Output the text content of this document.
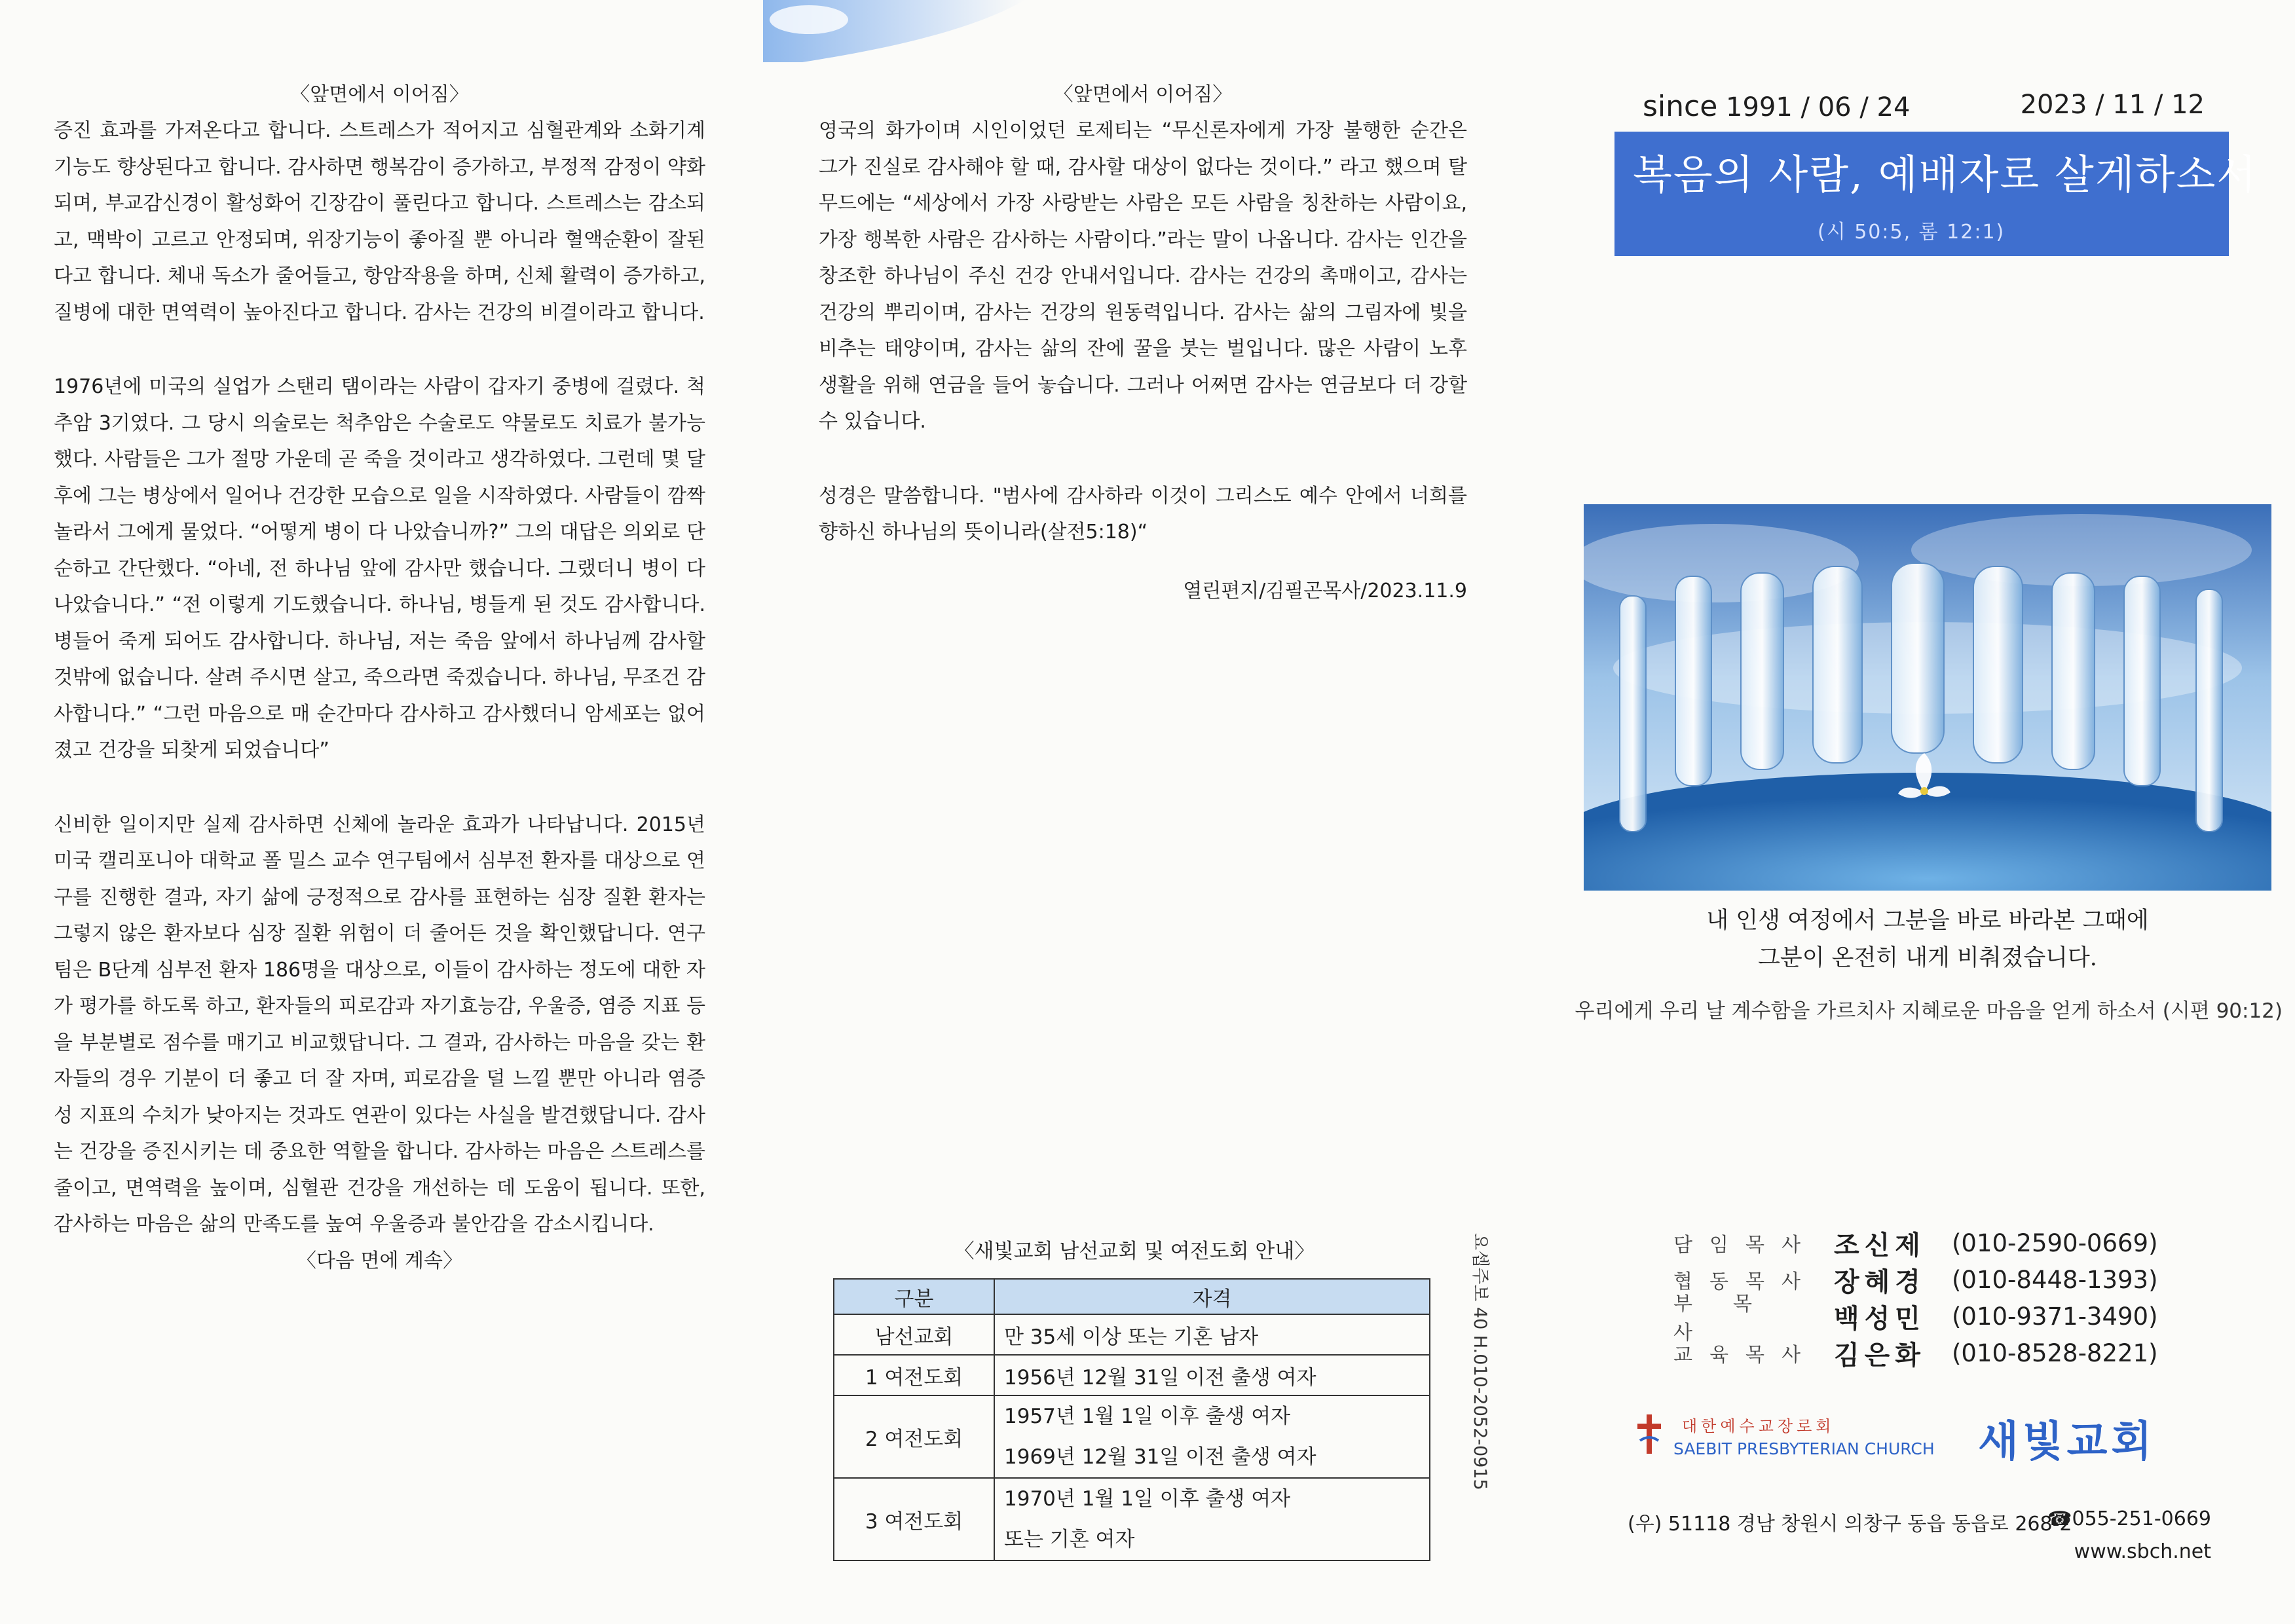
〈앞면에서 이어짐〉

증진 효과를 가져온다고 합니다. 스트레스가 적어지고 심혈관계와 소화기계 기능도 향상된다고 합니다. 감사하면 행복감이 증가하고, 부정적 감정이 약화되며, 부교감신경이 활성화어 긴장감이 풀린다고 합니다. 스트레스는 감소되고, 맥박이 고르고 안정되며, 위장기능이 좋아질 뿐 아니라 혈액순환이 잘된다고 합니다. 체내 독소가 줄어들고, 항암작용을 하며, 신체 활력이 증가하고, 질병에 대한 면역력이 높아진다고 합니다. 감사는 건강의 비결이라고 합니다.

1976년에 미국의 실업가 스탠리 탬이라는 사람이 갑자기 중병에 걸렸다. 척추암 3기였다. 그 당시 의술로는 척추암은 수술로도 약물로도 치료가 불가능했다. 사람들은 그가 절망 가운데 곧 죽을 것이라고 생각하였다. 그런데 몇 달 후에 그는 병상에서 일어나 건강한 모습으로 일을 시작하였다. 사람들이 깜짝 놀라서 그에게 물었다. “어떻게 병이 다 나았습니까?” 그의 대답은 의외로 단순하고 간단했다. “아네, 전 하나님 앞에 감사만 했습니다. 그랬더니 병이 다 나았습니다.” “전 이렇게 기도했습니다. 하나님, 병들게 된 것도 감사합니다. 병들어 죽게 되어도 감사합니다. 하나님, 저는 죽음 앞에서 하나님께 감사할 것밖에 없습니다. 살려 주시면 살고, 죽으라면 죽겠습니다. 하나님, 무조건 감사합니다.” “그런 마음으로 매 순간마다 감사하고 감사했더니 암세포는 없어졌고 건강을 되찾게 되었습니다”

신비한 일이지만 실제 감사하면 신체에 놀라운 효과가 나타납니다. 2015년 미국 캘리포니아 대학교 폴 밀스 교수 연구팀에서 심부전 환자를 대상으로 연구를 진행한 결과, 자기 삶에 긍정적으로 감사를 표현하는 심장 질환 환자는 그렇지 않은 환자보다 심장 질환 위험이 더 줄어든 것을 확인했답니다. 연구팀은 B단계 심부전 환자 186명을 대상으로, 이들이 감사하는 정도에 대한 자가 평가를 하도록 하고, 환자들의 피로감과 자기효능감, 우울증, 염증 지표 등을 부분별로 점수를 매기고 비교했답니다. 그 결과, 감사하는 마음을 갖는 환자들의 경우 기분이 더 좋고 더 잘 자며, 피로감을 덜 느낄 뿐만 아니라 염증성 지표의 수치가 낮아지는 것과도 연관이 있다는 사실을 발견했답니다. 감사는 건강을 증진시키는 데 중요한 역할을 합니다. 감사하는 마음은 스트레스를 줄이고, 면역력을 높이며, 심혈관 건강을 개선하는 데 도움이 됩니다. 또한, 감사하는 마음은 삶의 만족도를 높여 우울증과 불안감을 감소시킵니다.

〈다음 면에 계속〉
〈앞면에서 이어짐〉

영국의 화가이며 시인이었던 로제티는 “무신론자에게 가장 불행한 순간은 그가 진실로 감사해야 할 때, 감사할 대상이 없다는 것이다.” 라고 했으며 탈무드에는 “세상에서 가장 사랑받는 사람은 모든 사람을 칭찬하는 사람이요, 가장 행복한 사람은 감사하는 사람이다.”라는 말이 나옵니다. 감사는 인간을 창조한 하나님이 주신 건강 안내서입니다. 감사는 건강의 촉매이고, 감사는 건강의 뿌리이며, 감사는 건강의 원동력입니다. 감사는 삶의 그림자에 빛을 비추는 태양이며, 감사는 삶의 잔에 꿀을 붓는 벌입니다. 많은 사람이 노후 생활을 위해 연금을 들어 놓습니다. 그러나 어쩌면 감사는 연금보다 더 강할 수 있습니다.

성경은 말씀합니다. "범사에 감사하라 이것이 그리스도 예수 안에서 너희를 향하신 하나님의 뜻이니라(살전5:18)“

열린편지/김필곤목사/2023.11.9
〈새빛교회 남선교회 및 여전도회 안내〉
구분	자격
남선교회	만 35세 이상 또는 기혼 남자
1 여전도회	1956년 12월 31일 이전 출생 여자
2 여전도회	1957년 1월 1일 이후 출생 여자
1969년 12월 31일 이전 출생 여자

3 여전도회	1970년 1월 1일 이후 출생 여자
또는 기혼 여자
요셉주보 40 H.010-2052-0915
since 1991 / 06 / 24	2023 / 11 / 12
복음의 사람, 예배자로 살게하소서
(시 50:5, 롬 12:1)
내 인생 여정에서 그분을 바로 바라본 그때에
그분이 온전히 내게 비춰졌습니다.
우리에게 우리 날 계수함을 가르치사 지혜로운 마음을 얻게 하소서 (시편 90:12)
담임목사 조신제	(010-2590-0669)
협동목사 장혜경	(010-8448-1393)
부목사	백성민	(010-9371-3490)
교육목사 김은화	(010-8528-8221)
대한예수교장로회
SAEBIT PRESBYTERIAN CHURCH 새빛교회
(우) 51118 경남 창원시 의창구 동읍 동읍로 268-2
☎055-251-0669
www.sbch.net
